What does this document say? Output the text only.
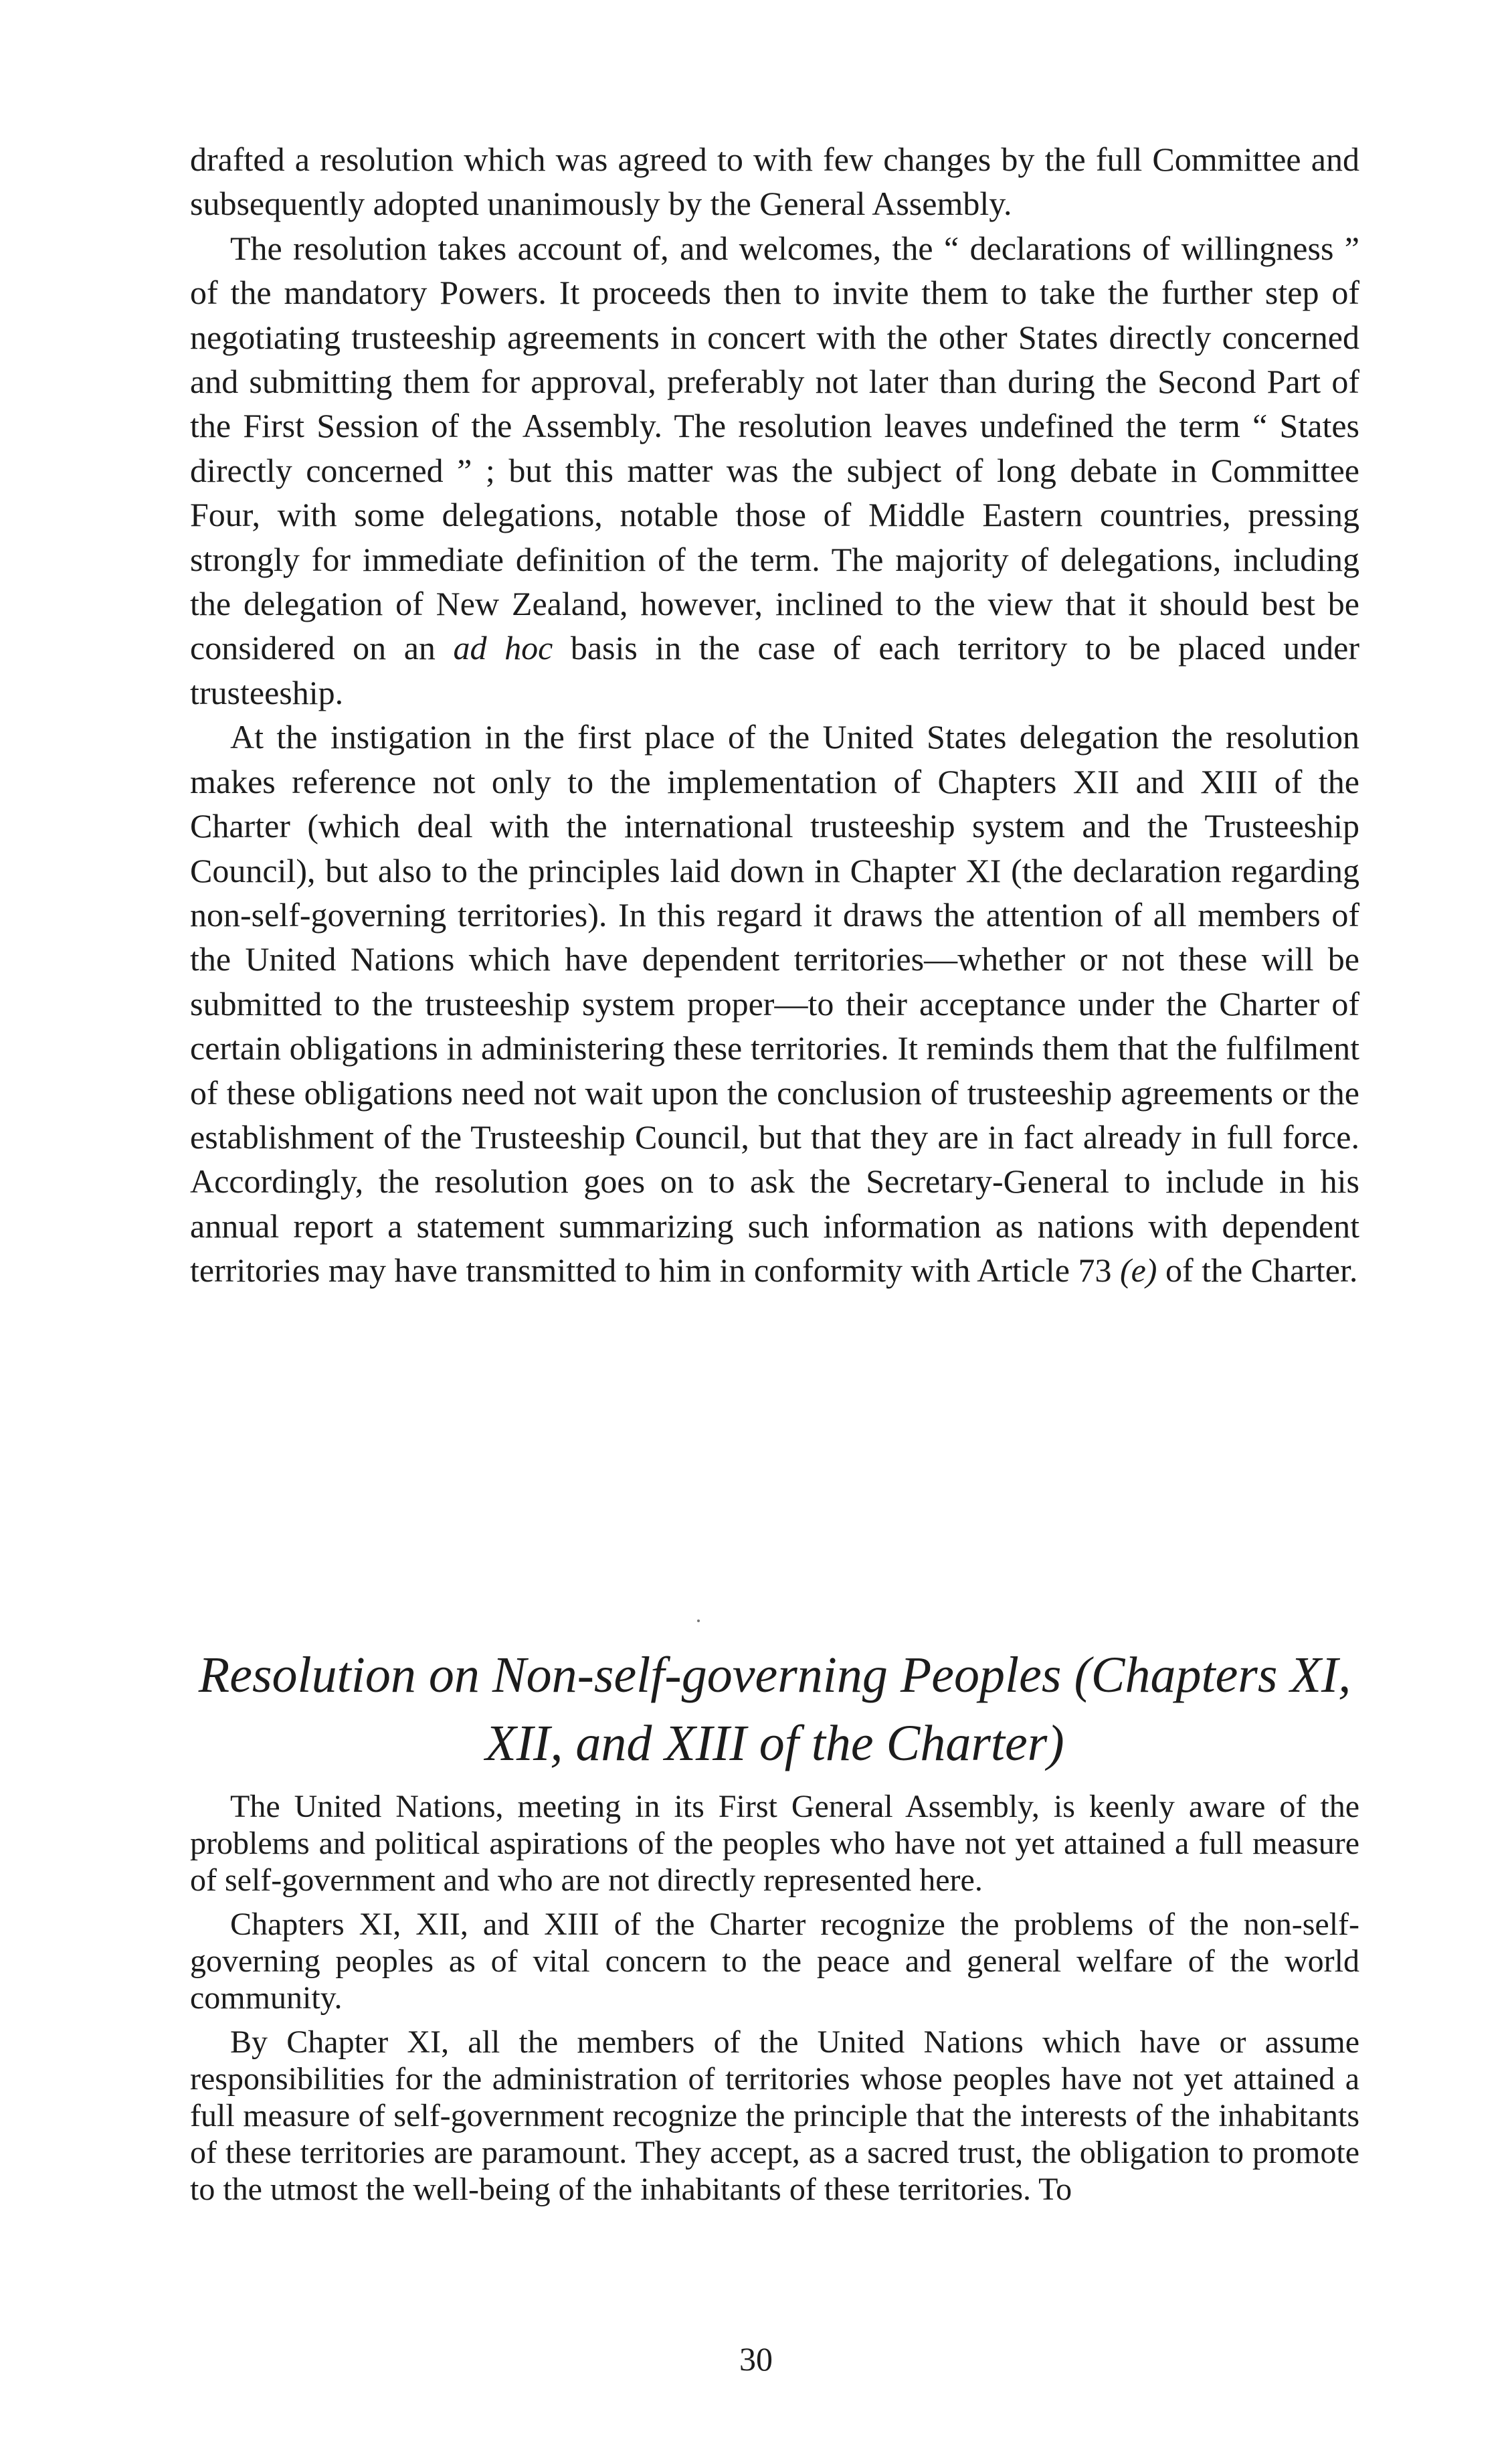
drafted a resolution which was agreed to with few changes by the full Committee and subsequently adopted unanimously by the General Assembly.

The resolution takes account of, and welcomes, the “ declarations of willingness ” of the mandatory Powers. It proceeds then to invite them to take the further step of negotiating trusteeship agreements in concert with the other States directly concerned and submitting them for approval, preferably not later than during the Second Part of the First Session of the Assembly. The resolution leaves undefined the term “ States directly concerned ” ; but this matter was the subject of long debate in Committee Four, with some delegations, notable those of Middle Eastern countries, pressing strongly for immediate definition of the term. The majority of delegations, including the delegation of New Zealand, however, inclined to the view that it should best be considered on an ad hoc basis in the case of each territory to be placed under trusteeship.

At the instigation in the first place of the United States delegation the resolution makes reference not only to the implementation of Chapters XII and XIII of the Charter (which deal with the international trusteeship system and the Trusteeship Council), but also to the principles laid down in Chapter XI (the declaration regarding non-self-governing territories). In this regard it draws the attention of all members of the United Nations which have dependent territories—whether or not these will be submitted to the trusteeship system proper—to their acceptance under the Charter of certain obligations in administering these territories. It reminds them that the fulfilment of these obligations need not wait upon the conclusion of trusteeship agreements or the establishment of the Trusteeship Council, but that they are in fact already in full force. Accordingly, the resolution goes on to ask the Secretary-General to include in his annual report a statement summarizing such information as nations with dependent territories may have transmitted to him in conformity with Article 73 (e) of the Charter.

Resolution on Non-self-governing Peoples (Chapters XI,
XII, and XIII of the Charter)

The United Nations, meeting in its First General Assembly, is keenly aware of the problems and political aspirations of the peoples who have not yet attained a full measure of self-government and who are not directly represented here.

Chapters XI, XII, and XIII of the Charter recognize the problems of the non-self-governing peoples as of vital concern to the peace and general welfare of the world community.

By Chapter XI, all the members of the United Nations which have or assume responsibilities for the administration of territories whose peoples have not yet attained a full measure of self-government recognize the principle that the interests of the inhabitants of these territories are paramount. They accept, as a sacred trust, the obligation to promote to the utmost the well-being of the inhabitants of these territories. To

30
